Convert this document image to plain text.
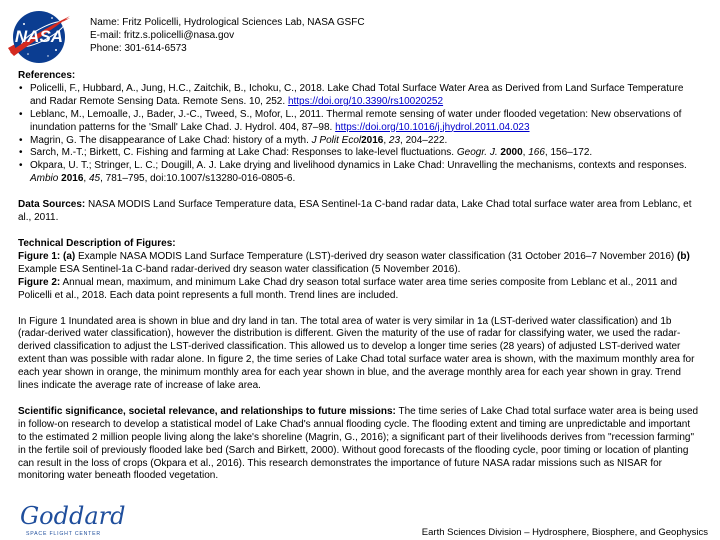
NASA
Name: Fritz Policelli, Hydrological Sciences Lab, NASA GSFC
E-mail: fritz.s.policelli@nasa.gov
Phone: 301-614-6573
References:
• Policelli, F., Hubbard, A., Jung, H.C., Zaitchik, B., Ichoku, C., 2018. Lake Chad Total Surface Water Area as Derived from Land Surface Temperature and Radar Remote Sensing Data. Remote Sens. 10, 252. https://doi.org/10.3390/rs10020252
• Leblanc, M., Lemoalle, J., Bader, J.-C., Tweed, S., Mofor, L., 2011. Thermal remote sensing of water under flooded vegetation: New observations of inundation patterns for the 'Small' Lake Chad. J. Hydrol. 404, 87–98. https://doi.org/10.1016/j.jhydrol.2011.04.023
• Magrin, G. The disappearance of Lake Chad: history of a myth. J Polit Ecol2016, 23, 204–222.
• Sarch, M.-T.; Birkett, C. Fishing and farming at Lake Chad: Responses to lake-level fluctuations. Geogr. J. 2000, 166, 156–172.
• Okpara, U. T.; Stringer, L. C.; Dougill, A. J. Lake drying and livelihood dynamics in Lake Chad: Unravelling the mechanisms, contexts and responses. Ambio 2016, 45, 781–795, doi:10.1007/s13280-016-0805-6.

Data Sources: NASA MODIS Land Surface Temperature data, ESA Sentinel-1a C-band radar data, Lake Chad total surface water area from Leblanc, et al., 2011.

Technical Description of Figures:

Figure 1: (a) Example NASA MODIS Land Surface Temperature (LST)-derived dry season water classification (31 October 2016–7 November 2016) (b) Example ESA Sentinel-1a C-band radar-derived dry season water classification (5 November 2016).

Figure 2: Annual mean, maximum, and minimum Lake Chad dry season total surface water area time series composite from Leblanc et al., 2011 and Policelli et al., 2018. Each data point represents a full month. Trend lines are included.

In Figure 1 Inundated area is shown in blue and dry land in tan. The total area of water is very similar in 1a (LST-derived water classification) and 1b (radar-derived water classification), however the distribution is different. Given the maturity of the use of radar for classifying water, we used the radar-derived classification to adjust the LST-derived classification. This allowed us to develop a longer time series (28 years) of adjusted LST-derived water extent than was possible with radar alone. In figure 2, the time series of Lake Chad total surface water area is shown, with the maximum monthly area for each year shown in orange, the minimum monthly area for each year shown in blue, and the average monthly area for each year shown in gray. Trend lines indicate the average rate of increase of lake area.

Scientific significance, societal relevance, and relationships to future missions: The time series of Lake Chad total surface water area is being used in follow-on research to develop a statistical model of Lake Chad's annual flooding cycle. The flooding extent and timing are unpredictable and important to the estimated 2 million people living along the lake's shoreline (Magrin, G., 2016); a significant part of their livelihoods derives from "recession farming" in the fertile soil of previously flooded lake bed (Sarch and Birkett, 2000). Without good forecasts of the flooding cycle, poor timing or location of planting can result in the loss of crops (Okpara et al., 2016). This research demonstrates the importance of future NASA radar missions such as NISAR for monitoring water beneath flooded vegetation.

Goddard
SPACE FLIGHT CENTER	Earth Sciences Division – Hydrosphere, Biosphere, and Geophysics
